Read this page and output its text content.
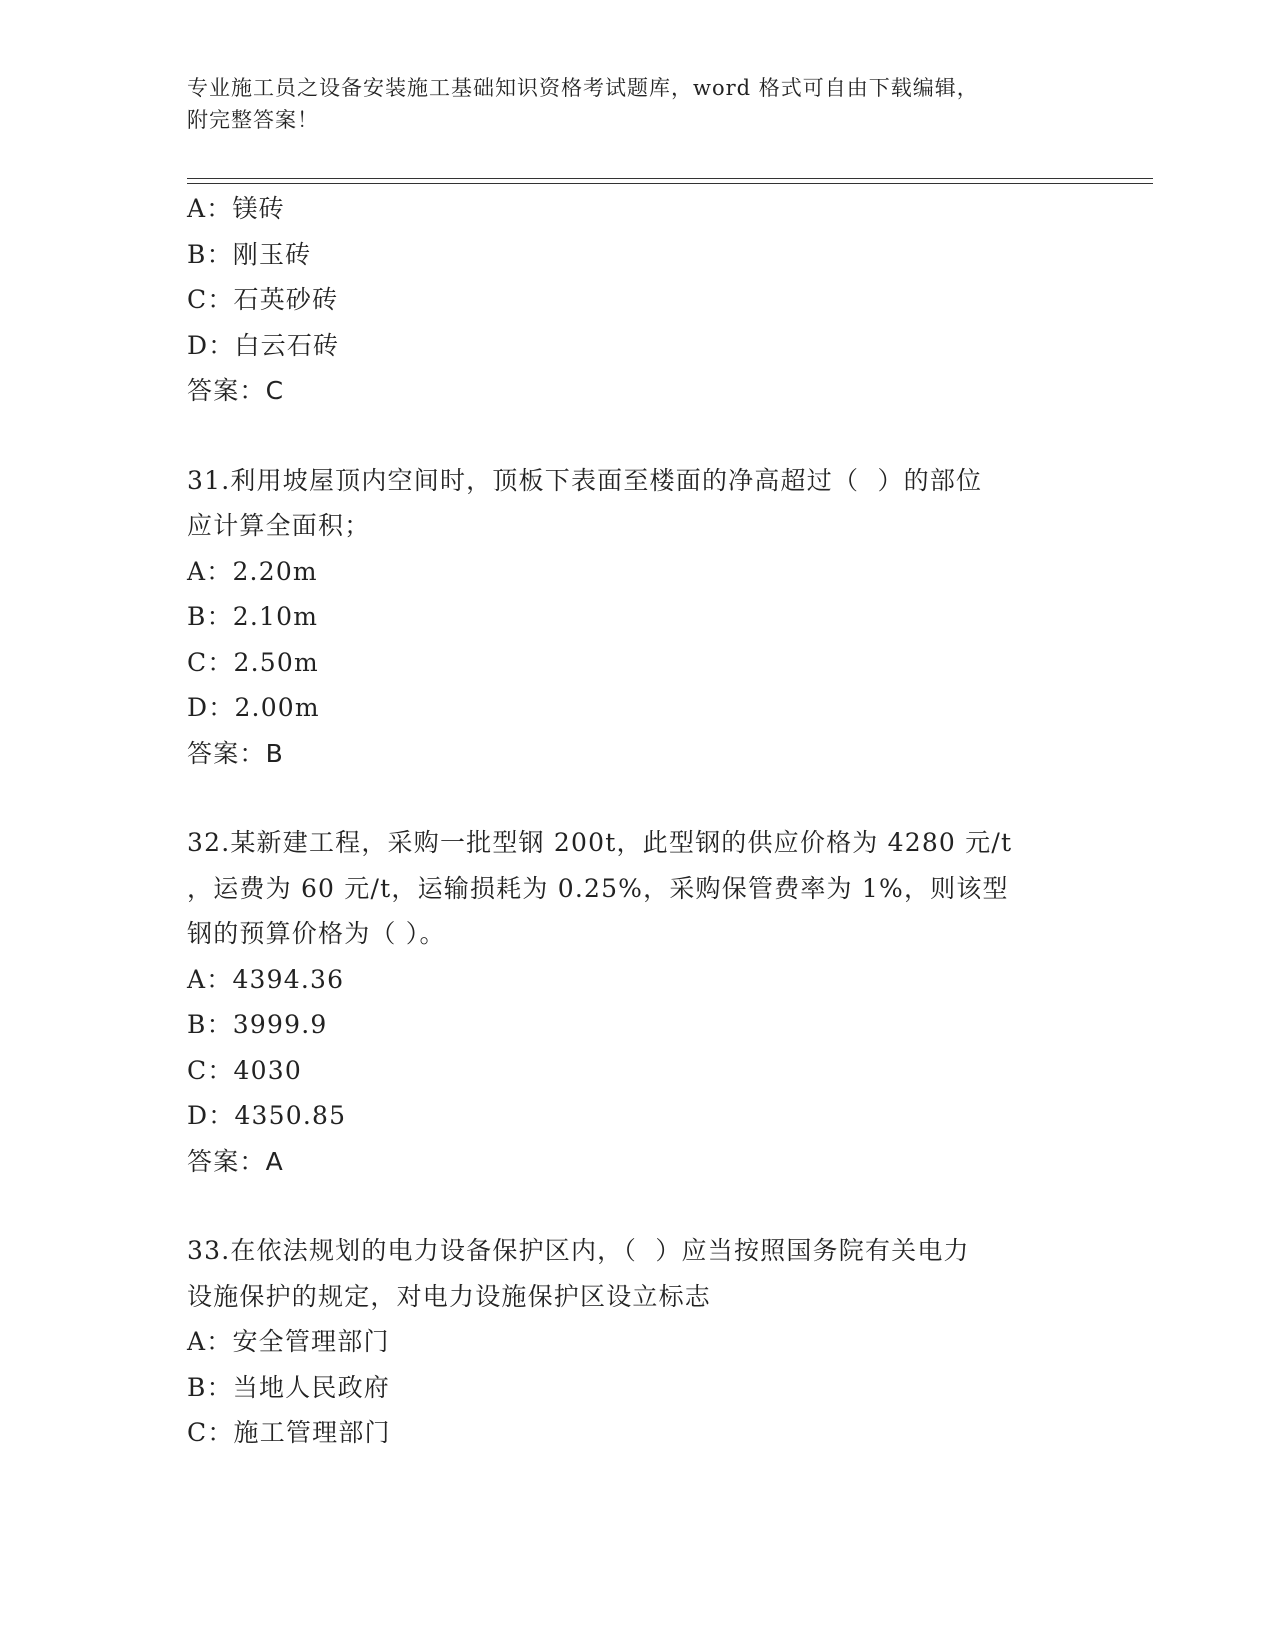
专业施工员之设备安装施工基础知识资格考试题库，word 格式可自由下载编辑，
附完整答案！
A：镁砖
B：刚玉砖
C：石英砂砖
D：白云石砖
答案：C
31.利用坡屋顶内空间时，顶板下表面至楼面的净高超过（  ）的部位
应计算全面积；
A：2.20m
B：2.10m
C：2.50m
D：2.00m
答案：B
32.某新建工程，采购一批型钢 200t，此型钢的供应价格为 4280 元/t
，运费为 60 元/t，运输损耗为 0.25%，采购保管费率为 1%，则该型
钢的预算价格为（ ）。
A：4394.36
B：3999.9
C：4030
D：4350.85
答案：A
33.在依法规划的电力设备保护区内，（  ）应当按照国务院有关电力
设施保护的规定，对电力设施保护区设立标志
A：安全管理部门
B：当地人民政府
C：施工管理部门
